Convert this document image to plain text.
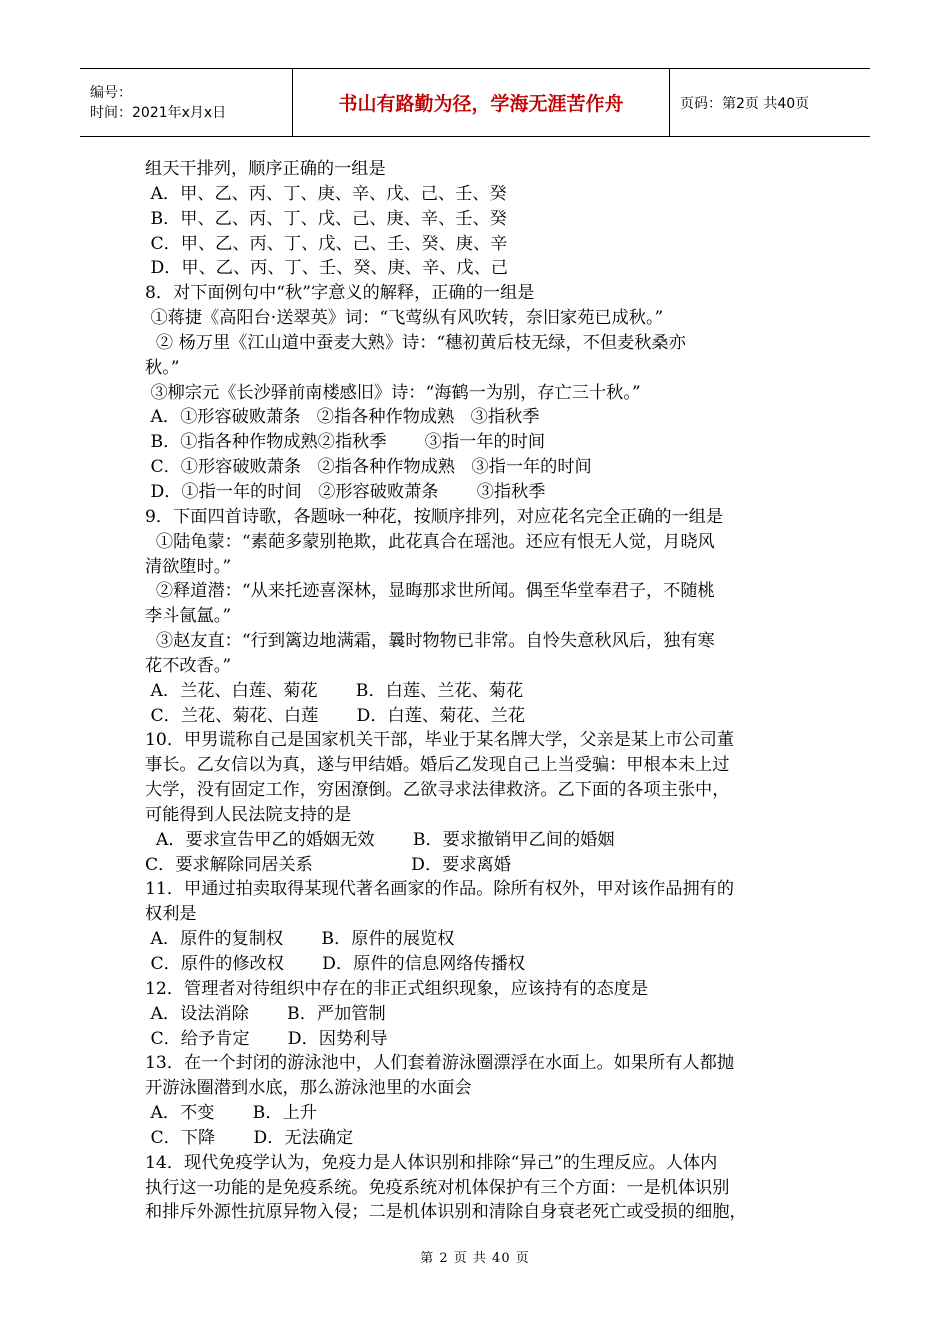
编号：
时间：2021年x月x日	书山有路勤为径，学海无涯苦作舟	页码：第2页 共40页
组天干排列，顺序正确的一组是
A．甲、乙、丙、丁、庚、辛、戊、己、壬、癸
B．甲、乙、丙、丁、戊、己、庚、辛、壬、癸
C．甲、乙、丙、丁、戊、己、壬、癸、庚、辛
D．甲、乙、丙、丁、壬、癸、庚、辛、戊、己
8．对下面例句中“秋”字意义的解释，正确的一组是
①蒋捷《高阳台·送翠英》词：“飞莺纵有风吹转，奈旧家苑已成秋。”
② 杨万里《江山道中蚕麦大熟》诗：“穗初黄后枝无绿，不但麦秋桑亦
秋。”
③柳宗元《长沙驿前南楼感旧》诗：“海鹤一为别，存亡三十秋。”
A．①形容破败萧条   ②指各种作物成熟   ③指秋季
B．①指各种作物成熟②指秋季       ③指一年的时间
C．①形容破败萧条   ②指各种作物成熟   ③指一年的时间
D．①指一年的时间   ②形容破败萧条       ③指秋季
9．下面四首诗歌，各题咏一种花，按顺序排列，对应花名完全正确的一组是
①陆龟蒙：“素葩多蒙别艳欺，此花真合在瑶池。还应有恨无人觉，月晓风
清欲堕时。”
②释道潜：“从来托迹喜深林，显晦那求世所闻。偶至华堂奉君子，不随桃
李斗氤氲。”
③赵友直：“行到篱边地满霜，曩时物物已非常。自怜失意秋风后，独有寒
花不改香。”
A．兰花、白莲、菊花       B．白莲、兰花、菊花
C．兰花、菊花、白莲       D．白莲、菊花、兰花
10．甲男谎称自己是国家机关干部，毕业于某名牌大学，父亲是某上市公司董
事长。乙女信以为真，遂与甲结婚。婚后乙发现自己上当受骗：甲根本未上过
大学，没有固定工作，穷困潦倒。乙欲寻求法律救济。乙下面的各项主张中，
可能得到人民法院支持的是
A．要求宣告甲乙的婚姻无效       B．要求撤销甲乙间的婚姻
C．要求解除同居关系                  D．要求离婚
11．甲通过拍卖取得某现代著名画家的作品。除所有权外，甲对该作品拥有的
权利是
A．原件的复制权       B．原件的展览权
C．原件的修改权       D．原件的信息网络传播权
12．管理者对待组织中存在的非正式组织现象，应该持有的态度是
A．设法消除       B．严加管制
C．给予肯定       D．因势利导
13．在一个封闭的游泳池中，人们套着游泳圈漂浮在水面上。如果所有人都抛
开游泳圈潜到水底，那么游泳池里的水面会
A．不变       B．上升
C．下降       D．无法确定
14．现代免疫学认为，免疫力是人体识别和排除“异己”的生理反应。人体内
执行这一功能的是免疫系统。免疫系统对机体保护有三个方面：一是机体识别
和排斥外源性抗原异物入侵；二是机体识别和清除自身衰老死亡或受损的细胞，
第 2 页 共 40 页
